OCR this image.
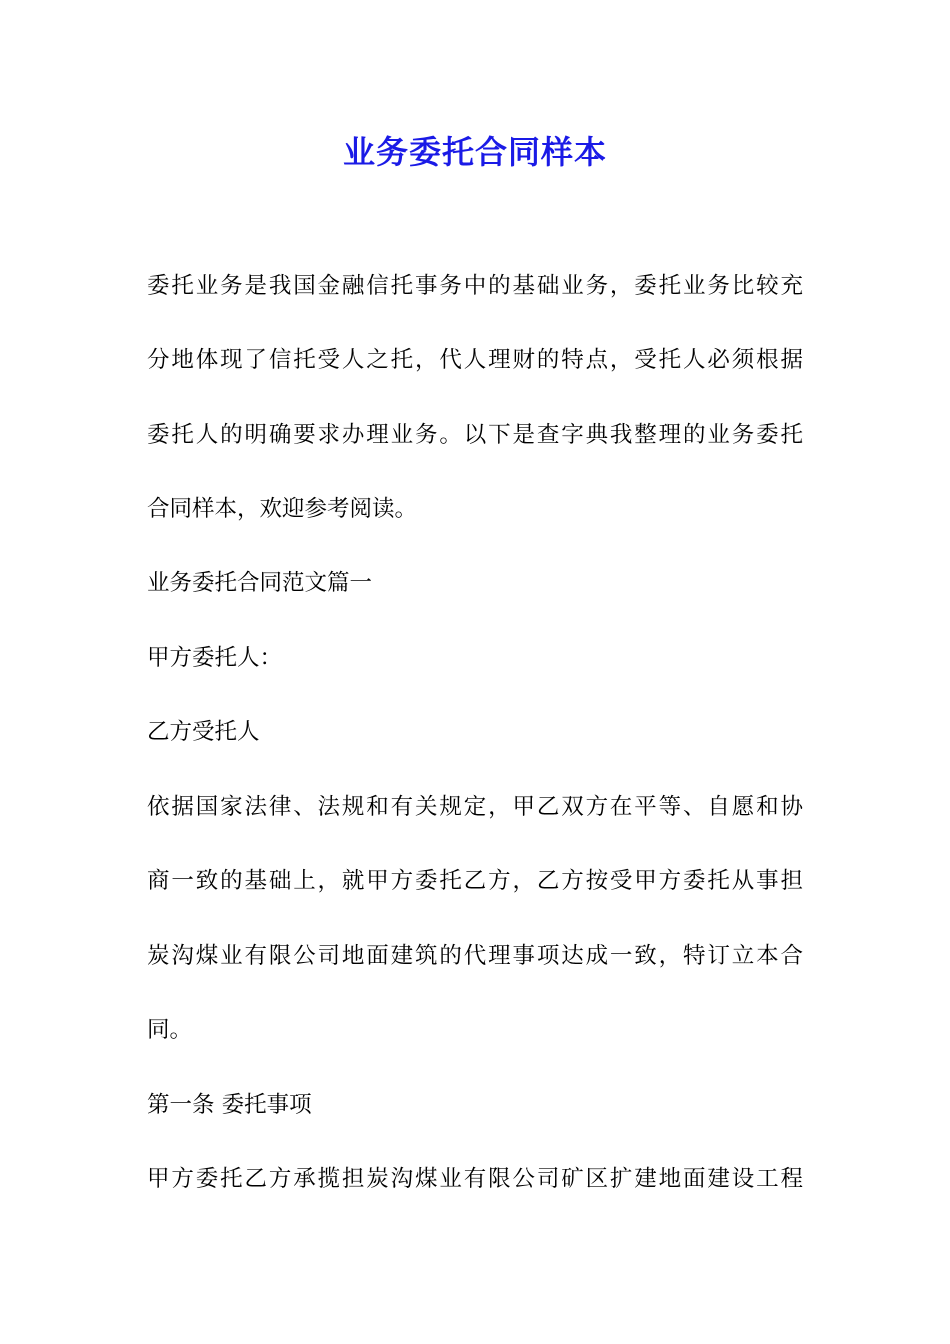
业务委托合同样本
委托业务是我国金融信托事务中的基础业务，委托业务比较充
分地体现了信托受人之托，代人理财的特点，受托人必须根据
委托人的明确要求办理业务。以下是查字典我整理的业务委托
合同样本，欢迎参考阅读。
业务委托合同范文篇一
甲方委托人：
乙方受托人
依据国家法律、法规和有关规定，甲乙双方在平等、自愿和协
商一致的基础上，就甲方委托乙方，乙方按受甲方委托从事担
炭沟煤业有限公司地面建筑的代理事项达成一致，特订立本合
同。
第一条 委托事项
甲方委托乙方承揽担炭沟煤业有限公司矿区扩建地面建设工程
